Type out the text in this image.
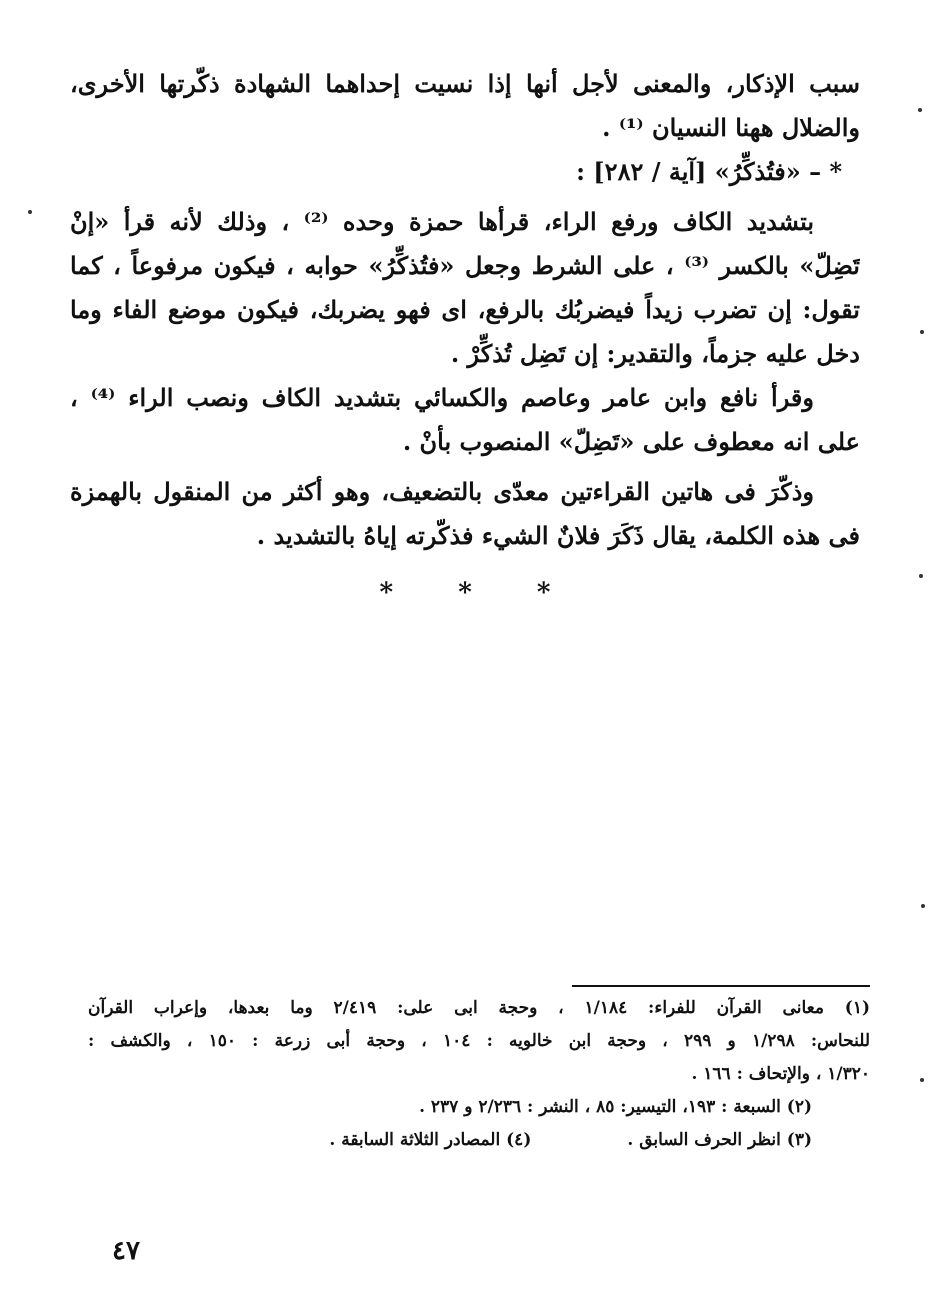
سبب الإذكار، والمعنى لأجل أنها إذا نسيت إحداهما الشهادة ذكّرتها الأخرى،
والضلال ههنا النسيان ⁽¹⁾ .
* – «فتُذكِّرُ» [آية / ٢٨٢] :
بتشديد الكاف ورفع الراء، قرأها حمزة وحده ⁽²⁾ ، وذلك لأنه قرأ «إنْ
تَضِلّ» بالكسر ⁽³⁾ ، على الشرط وجعل «فتُذكِّرُ» حوابه ، فيكون مرفوعاً ، كما
تقول: إن تضرب زيداً فيضربُك بالرفع، اى فهو يضربك، فيكون موضع الفاء وما
دخل عليه جزماً، والتقدير: إن تَضِل تُذكِّرْ .
وقرأ نافع وابن عامر وعاصم والكسائي بتشديد الكاف ونصب الراء ⁽⁴⁾ ،
على انه معطوف على «تَضِلّ» المنصوب بأنْ .
وذكّرَ فى هاتين القراءتين معدّى بالتضعيف، وهو أكثر من المنقول بالهمزة
فى هذه الكلمة، يقال ذَكَرَ فلانٌ الشيء فذكّرته إياهُ بالتشديد .
* * *
(١) معانى القرآن للفراء: ١/١٨٤ ، وحجة ابى على: ٢/٤١٩ وما بعدها، وإعراب القرآن
للنحاس: ١/٢٩٨ و ٢٩٩ ، وحجة ابن خالويه : ١٠٤ ، وحجة أبى زرعة : ١٥٠ ، والكشف :
١/٣٢٠ ، والإتحاف : ١٦٦ .
(٢) السبعة : ١٩٣، التيسير: ٨٥ ، النشر : ٢/٢٣٦ و ٢٣٧ .
(٣) انظر الحرف السابق .
(٤) المصادر الثلاثة السابقة .
٤٧
